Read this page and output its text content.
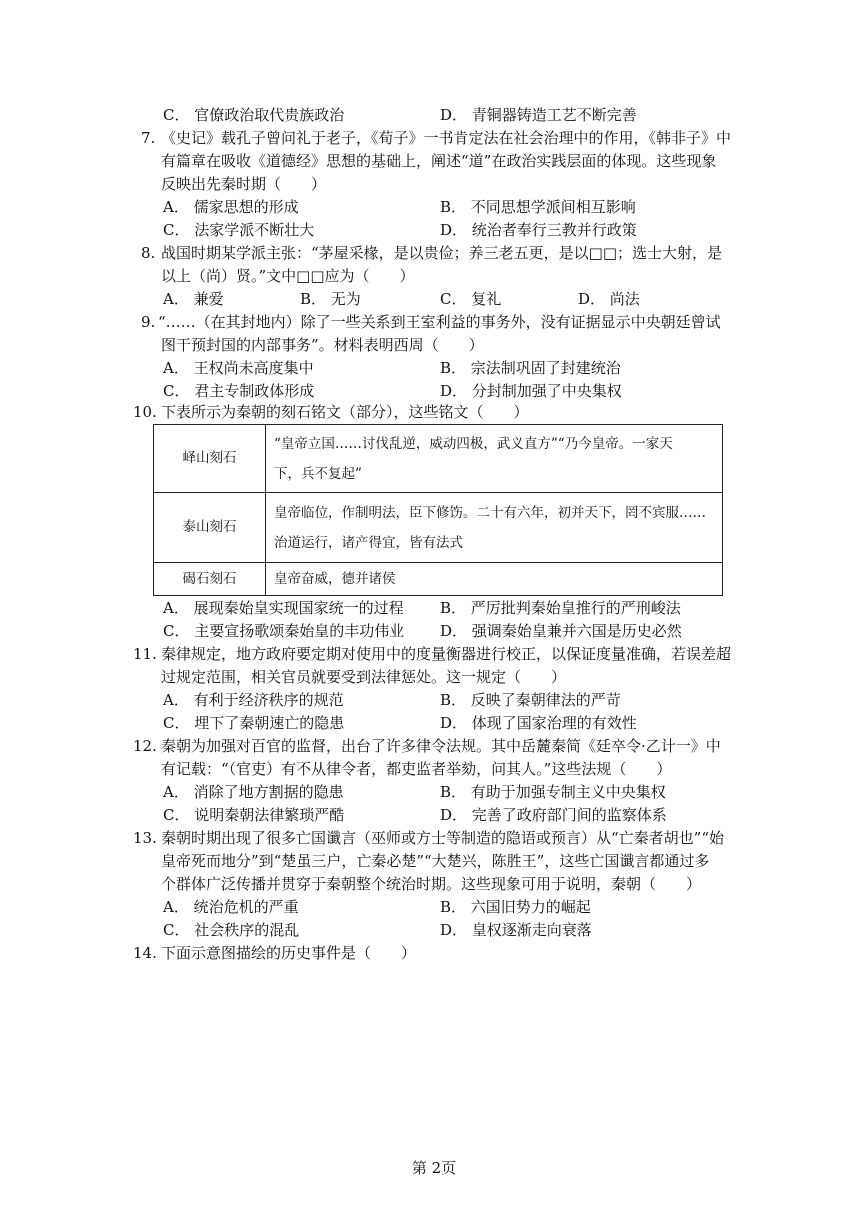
C． 官僚政治取代贵族政治	D． 青铜器铸造工艺不断完善
7. 《史记》载孔子曾问礼于老子，《荀子》一书肯定法在社会治理中的作用，《韩非子》中
有篇章在吸收《道德经》思想的基础上，阐述“道”在政治实践层面的体现。这些现象
反映出先秦时期（　　）
A． 儒家思想的形成	B． 不同思想学派间相互影响
C． 法家学派不断壮大	D． 统治者奉行三教并行政策
8. 战国时期某学派主张：“茅屋采椽，是以贵俭；养三老五更，是以□□；选士大射，是
以上（尚）贤。”文中□□应为（　　）
A． 兼爱	B． 无为	C． 复礼	D． 尚法
9. “……（在其封地内）除了一些关系到王室利益的事务外，没有证据显示中央朝廷曾试
图干预封国的内部事务”。材料表明西周（　　）
A． 王权尚未高度集中	B． 宗法制巩固了封建统治
C． 君主专制政体形成	D． 分封制加强了中央集权
10. 下表所示为秦朝的刻石铭文（部分），这些铭文（　　）
峄山刻石	“皇帝立国……讨伐乱逆，威动四极，武义直方”“乃今皇帝。一家天
下，兵不复起”

泰山刻石	皇帝临位，作制明法，臣下修饬。二十有六年，初并天下，罔不宾服……
治道运行，诸产得宜，皆有法式

碣石刻石	皇帝奋威，德并诸侯
A． 展现秦始皇实现国家统一的过程 B． 严厉批判秦始皇推行的严刑峻法
C． 主要宣扬歌颂秦始皇的丰功伟业 D． 强调秦始皇兼并六国是历史必然
11. 秦律规定，地方政府要定期对使用中的度量衡器进行校正，以保证度量准确，若误差超
过规定范围，相关官员就要受到法律惩处。这一规定（　　）
A． 有利于经济秩序的规范	B． 反映了秦朝律法的严苛
C． 埋下了秦朝速亡的隐患	D． 体现了国家治理的有效性
12. 秦朝为加强对百官的监督，出台了许多律令法规。其中岳麓秦简《廷卒令·乙计一》中
有记载：“（官吏）有不从律令者，都吏监者举劾，问其人。”这些法规（　　）
A． 消除了地方割据的隐患	B． 有助于加强专制主义中央集权
C． 说明秦朝法律繁琐严酷	D． 完善了政府部门间的监察体系
13. 秦朝时期出现了很多亡国谶言（巫师或方士等制造的隐语或预言）从“亡秦者胡也”“始
皇帝死而地分”到“楚虽三户，亡秦必楚”“大楚兴，陈胜王”，这些亡国谶言都通过多
个群体广泛传播并贯穿于秦朝整个统治时期。这些现象可用于说明，秦朝（　　）
A． 统治危机的严重	B． 六国旧势力的崛起
C． 社会秩序的混乱	D． 皇权逐渐走向衰落
14. 下面示意图描绘的历史事件是（　　）
第 2页
